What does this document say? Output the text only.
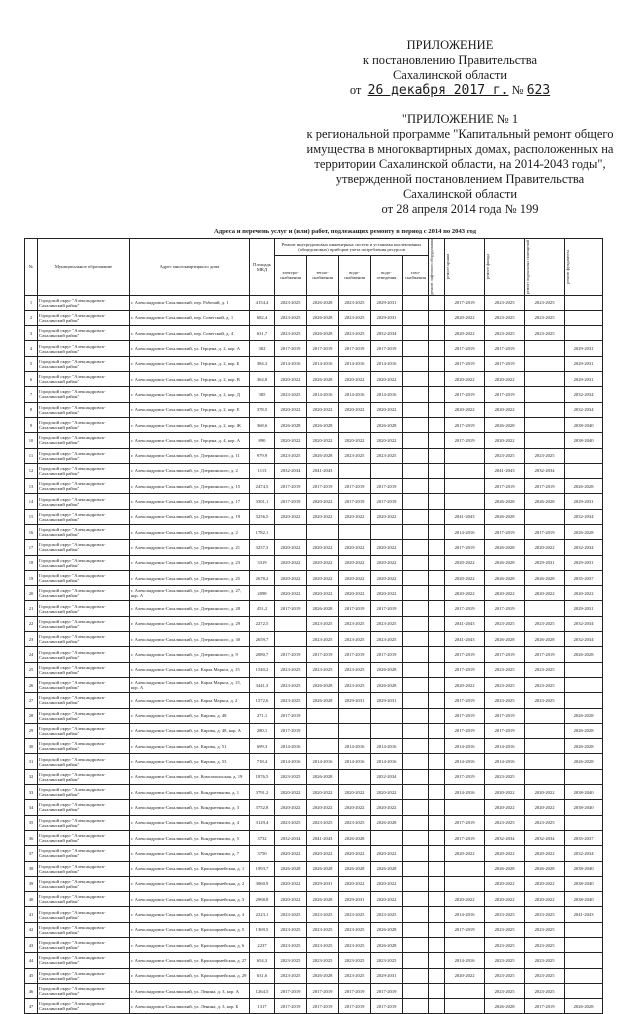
ПРИЛОЖЕНИЕ
к постановлению Правительства
Сахалинской области
от 26 декабря 2017 г. № 623
"ПРИЛОЖЕНИЕ № 1
к региональной программе "Капитальный ремонт общего
имущества в многоквартирных домах, расположенных на
территории Сахалинской области, на 2014-2043 годы",
утвержденной постановлением Правительства
Сахалинской области
от 28 апреля 2014 года № 199
Адреса и перечень услуг и (или) работ, подлежащих ремонту в период с 2014 по 2043 год
№	Муниципальное образование	Адрес многоквартирного дома	Площадь МКД	Ремонт внутридомовых инженерных систем и установка коллективных (общедомовых) приборов учета потребления ресурсов					ремонт лифтового оборудования	ремонт крыши	ремонт фасада	ремонт подвальных помещений	ремонт фундамента

				электро-снабжения	тепло-снабжения	водо-снабжения	водо-отведения	газо-снабжения					
1	Городской округ "Александровск-Сахалинский район"	г. Александровск-Сахалинский, пер. Рабочий, д. 1	4154,4	2023-2025	2026-2028	2023-2025	2029-2031			2017-2019	2023-2025	2023-2025	
2	Городской округ "Александровск-Сахалинский район"	г. Александровск-Сахалинский, пер. Советский, д. 1	682,4	2023-2025	2026-2028	2023-2025	2029-2031			2020-2022	2023-2025	2023-2025	
3	Городской округ "Александровск-Сахалинский район"	г. Александровск-Сахалинский, пер. Советский, д. 4	631,7	2023-2025	2026-2028	2023-2025	2032-2034			2020-2022	2023-2025	2023-2025	
4	Городской округ "Александровск-Сахалинский район"	г. Александровск-Сахалинский, ул. Герцена, д. 2, кор. А	302	2017-2019	2017-2019	2017-2019	2017-2019			2017-2019	2017-2019		2029-2031
5	Городской округ "Александровск-Сахалинский район"	г. Александровск-Сахалинский, ул. Герцена, д. 2, кор. Б	384,3	2014-2016	2014-2016	2014-2016	2014-2016			2017-2019	2017-2019		2029-2031
6	Городской округ "Александровск-Сахалинский район"	г. Александровск-Сахалинский, ул. Герцена, д. 2, кор. В	364,8	2020-2022	2026-2028	2020-2022	2020-2022			2020-2022	2020-2022		2029-2031
7	Городской округ "Александровск-Сахалинский район"	г. Александровск-Сахалинский, ул. Герцена, д. 2, кор. Д	385	2023-2025	2014-2016	2014-2016	2014-2016			2017-2019	2017-2019		2032-2034
8	Городской округ "Александровск-Сахалинский район"	г. Александровск-Сахалинский, ул. Герцена, д. 2, кор. Е	378,5	2020-2022	2020-2022	2020-2022	2020-2022			2020-2022	2020-2022		2032-2034
9	Городской округ "Александровск-Сахалинский район"	г. Александровск-Сахалинский, ул. Герцена, д. 2, кор. Ж	368,6	2026-2028	2026-2028		2026-2028			2017-2019	2026-2028		2038-2040
10	Городской округ "Александровск-Сахалинский район"	г. Александровск-Сахалинский, ул. Герцена, д. 4, кор. А	890	2020-2022	2020-2022	2020-2022	2020-2022			2017-2019	2020-2022		2038-2040
11	Городской округ "Александровск-Сахалинский район"	г. Александровск-Сахалинский, ул. Дзержинского, д. 11	979,9	2023-2025	2026-2028	2023-2025	2023-2025				2023-2025	2023-2025	
12	Городской округ "Александровск-Сахалинский район"	г. Александровск-Сахалинский, ул. Дзержинского, д. 2	1113	2032-2034	2041-2043						2041-2043	2032-2034	
13	Городской округ "Александровск-Сахалинский район"	г. Александровск-Сахалинский, ул. Дзержинского, д. 15	2474,5	2017-2019	2017-2019	2017-2019	2017-2019				2017-2019	2017-2019	2026-2028
14	Городской округ "Александровск-Сахалинский район"	г. Александровск-Сахалинский, ул. Дзержинского, д. 17	3301,1	2017-2019	2020-2022	2017-2019	2017-2019				2026-2028	2026-2028	2029-2031
15	Городской округ "Александровск-Сахалинский район"	г. Александровск-Сахалинский, ул. Дзержинского, д. 19	3256,5	2020-2022	2020-2022	2020-2022	2020-2022			2041-2043	2026-2028		2032-2034
16	Городской округ "Александровск-Сахалинский район"	г. Александровск-Сахалинский, ул. Дзержинского, д. 2	1782,1							2014-2016	2017-2019	2017-2019	2026-2028
17	Городской округ "Александровск-Сахалинский район"	г. Александровск-Сахалинский, ул. Дзержинского, д. 21	3257,3	2020-2022	2020-2022	2020-2022	2020-2022			2017-2019	2026-2028	2020-2022	2032-2034
18	Городской округ "Александровск-Сахалинский район"	г. Александровск-Сахалинский, ул. Дзержинского, д. 23	3319	2020-2022	2020-2022	2020-2022	2020-2022			2020-2022	2026-2028	2029-2031	2029-2031
19	Городской округ "Александровск-Сахалинский район"	г. Александровск-Сахалинский, ул. Дзержинского, д. 25	2678,2	2020-2022	2020-2022	2020-2022	2020-2022			2020-2022	2026-2028	2026-2028	2035-2037
20	Городской округ "Александровск-Сахалинский район"	г. Александровск-Сахалинский, ул. Дзержинского, д. 27, кор. А	2098	2020-2022	2020-2022	2020-2022	2020-2022			2020-2022	2020-2022	2020-2022	2020-2022
21	Городской округ "Александровск-Сахалинский район"	г. Александровск-Сахалинский, ул. Дзержинского, д. 28	451,2	2017-2019	2026-2028	2017-2019	2017-2019			2017-2019	2017-2019		2029-2031
22	Городской округ "Александровск-Сахалинский район"	г. Александровск-Сахалинский, ул. Дзержинского, д. 29	2272,5		2023-2025	2023-2025	2023-2025			2041-2043	2023-2025	2023-2025	2032-2034
23	Городской округ "Александровск-Сахалинский район"	г. Александровск-Сахалинский, ул. Дзержинского, д. 30	2659,7		2023-2025	2023-2025	2023-2025			2041-2043	2026-2028	2026-2028	2032-2034
24	Городской округ "Александровск-Сахалинский район"	г. Александровск-Сахалинский, ул. Дзержинского, д. 9	2080,7	2017-2019	2017-2019	2017-2019	2017-2019			2017-2019	2017-2019	2017-2019	2026-2028
25	Городской округ "Александровск-Сахалинский район"	г. Александровск-Сахалинский, ул. Карла Маркса, д. 15	1540,2	2023-2025	2023-2025	2023-2025	2026-2028			2017-2019	2023-2025	2023-2025	
26	Городской округ "Александровск-Сахалинский район"	г. Александровск-Сахалинский, ул. Карла Маркса, д. 15, кор. А	3441,3	2023-2025	2026-2028	2023-2025	2026-2028			2020-2022	2023-2025	2023-2025	
27	Городской округ "Александровск-Сахалинский район"	г. Александровск-Сахалинский, ул. Карла Маркса, д. 2	1572,6	2023-2025	2026-2028	2029-2031	2029-2031			2017-2019	2023-2025	2023-2025	
28	Городской округ "Александровск-Сахалинский район"	г. Александровск-Сахалинский, ул. Кирова, д. 48	271,1	2017-2019						2017-2019	2017-2019		2026-2028
29	Городской округ "Александровск-Сахалинский район"	г. Александровск-Сахалинский, ул. Кирова, д. 48, кор. А	280,1	2017-2019						2017-2019	2017-2019		2026-2028
30	Городской округ "Александровск-Сахалинский район"	г. Александровск-Сахалинский, ул. Кирова, д. 51	699,3	2014-2016		2014-2016	2014-2016			2014-2016	2014-2016		2026-2028
31	Городской округ "Александровск-Сахалинский район"	г. Александровск-Сахалинский, ул. Кирова, д. 53	718,4	2014-2016	2014-2016	2014-2016	2014-2016			2014-2016	2014-2016		2026-2028
32	Городской округ "Александровск-Сахалинский район"	г. Александровск-Сахалинский, ул. Комсомольская, д. 19	1876,5	2023-2025	2026-2028		2032-2034			2017-2019	2023-2025		
33	Городской округ "Александровск-Сахалинский район"	г. Александровск-Сахалинский, ул. Кондратенкова, д. 1	3791,2	2020-2022	2020-2022	2020-2022	2020-2022			2014-2016	2020-2022	2020-2022	2038-2040
34	Городской округ "Александровск-Сахалинский район"	г. Александровск-Сахалинский, ул. Кондратенкова, д. 3	3752,8	2020-2022	2020-2022	2020-2022	2020-2022				2020-2022	2020-2022	2038-2040
35	Городской округ "Александровск-Сахалинский район"	г. Александровск-Сахалинский, ул. Кондратенкова, д. 4	3129,4	2023-2025	2023-2025	2023-2025	2026-2028			2017-2019	2023-2025	2023-2025	
36	Городской округ "Александровск-Сахалинский район"	г. Александровск-Сахалинский, ул. Кондратенкова, д. 5	3732	2032-2034	2041-2043	2026-2028				2017-2019	2032-2034	2032-2034	2035-2037
37	Городской округ "Александровск-Сахалинский район"	г. Александровск-Сахалинский, ул. Кондратенкова, д. 7	3750	2020-2022	2020-2022	2020-2022	2020-2022			2020-2022	2020-2022	2020-2022	2032-2034
38	Городской округ "Александровск-Сахалинский район"	г. Александровск-Сахалинский, ул. Красноармейская, д. 1	1993,7	2026-2028	2026-2028	2026-2028	2026-2028				2026-2028	2026-2028	2038-2040
39	Городской округ "Александровск-Сахалинский район"	г. Александровск-Сахалинский, ул. Красноармейская, д. 2	3060,9	2020-2022	2029-2031	2020-2022	2020-2022				2020-2022	2020-2022	2038-2040
40	Городской округ "Александровск-Сахалинский район"	г. Александровск-Сахалинский, ул. Красноармейская, д. 3	2968,8	2020-2022	2026-2028	2029-2031	2020-2022			2020-2022	2020-2022	2020-2022	2038-2040
41	Городской округ "Александровск-Сахалинский район"	г. Александровск-Сахалинский, ул. Красноармейская, д. 4	2223,1	2023-2025	2023-2025	2023-2025	2023-2025			2014-2016	2023-2025	2023-2025	2041-2043
42	Городской округ "Александровск-Сахалинский район"	г. Александровск-Сахалинский, ул. Красноармейская, д. 5	1369,5	2023-2025	2023-2025	2023-2025	2026-2028			2017-2019	2023-2025	2023-2025	
43	Городской округ "Александровск-Сахалинский район"	г. Александровск-Сахалинский, ул. Красноармейская, д. 6	2237	2023-2025	2023-2025	2023-2025	2026-2028				2023-2025	2023-2025	
44	Городской округ "Александровск-Сахалинский район"	г. Александровск-Сахалинский, ул. Красноармейская, д. 27	654,3	2023-2025	2023-2025	2023-2025	2023-2025			2014-2016	2023-2025	2023-2025	
45	Городской округ "Александровск-Сахалинский район"	г. Александровск-Сахалинский, ул. Красноармейская, д. 29	631,6	2023-2025	2026-2028	2023-2025	2029-2031			2020-2022	2023-2025	2023-2025	
46	Городской округ "Александровск-Сахалинский район"	г. Александровск-Сахалинский, ул. Ленина, д. 3, кор. А	1264,5	2017-2019	2017-2019	2017-2019	2017-2019				2023-2025	2023-2025	
47	Городской округ "Александровск-Сахалинский район"	г. Александровск-Сахалинский, ул. Ленина, д. 3, кор. Б	1317	2017-2019	2017-2019	2017-2019	2017-2019				2026-2028	2017-2019	2026-2028
